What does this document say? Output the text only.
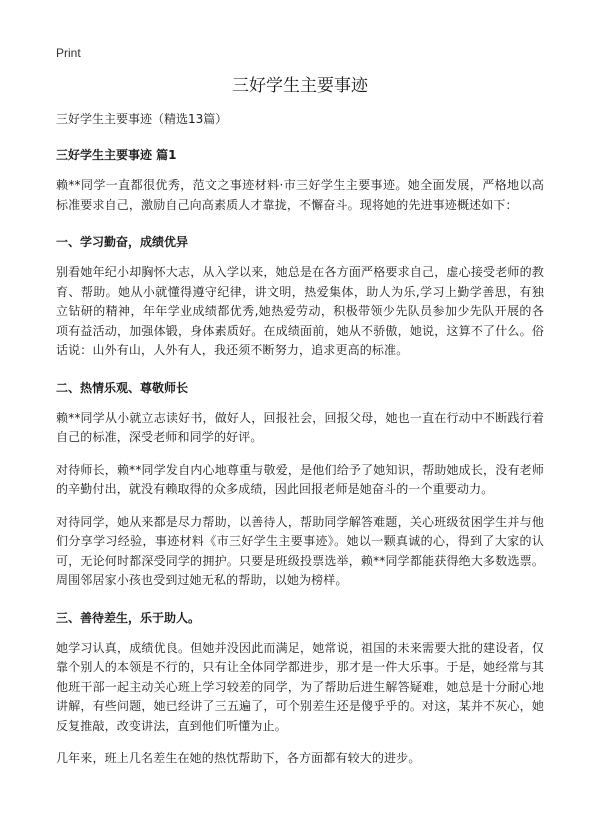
Print
三好学生主要事迹

三好学生主要事迹（精选13篇）

三好学生主要事迹 篇1

赖**同学一直都很优秀，范文之事迹材料·市三好学生主要事迹。她全面发展，严格地以高标准要求自己，激励自己向高素质人才靠拢，不懈奋斗。现将她的先进事迹概述如下：

一、学习勤奋，成绩优异

别看她年纪小却胸怀大志，从入学以来，她总是在各方面严格要求自己，虚心接受老师的教育、帮助。她从小就懂得遵守纪律，讲文明，热爱集体，助人为乐,学习上勤学善思，有独立钻研的精神，年年学业成绩都优秀,她热爱劳动，积极带领少先队员参加少先队开展的各项有益活动，加强体锻，身体素质好。在成绩面前，她从不骄傲，她说，这算不了什么。俗话说：山外有山，人外有人，我还须不断努力，追求更高的标准。

二、热情乐观、尊敬师长

赖**同学从小就立志读好书，做好人，回报社会，回报父母，她也一直在行动中不断践行着自己的标准，深受老师和同学的好评。

对待师长，赖**同学发自内心地尊重与敬爱，是他们给予了她知识，帮助她成长，没有老师的辛勤付出，就没有赖取得的众多成绩，因此回报老师是她奋斗的一个重要动力。

对待同学，她从来都是尽力帮助，以善待人，帮助同学解答难题，关心班级贫困学生并与他们分享学习经验，事迹材料《市三好学生主要事迹》。她以一颗真诚的心，得到了大家的认可，无论何时都深受同学的拥护。只要是班级投票选举，赖**同学都能获得绝大多数选票。周围邻居家小孩也受到过她无私的帮助，以她为榜样。

三、善待差生，乐于助人。

她学习认真，成绩优良。但她并没因此而满足，她常说，祖国的未来需要大批的建设者，仅靠个别人的本领是不行的，只有让全体同学都进步，那才是一件大乐事。于是，她经常与其他班干部一起主动关心班上学习较差的同学，为了帮助后进生解答疑难，她总是十分耐心地讲解，有些问题，她已经讲了三五遍了，可个别差生还是傻乎乎的。对这，某并不灰心，她反复推敲，改变讲法，直到他们听懂为止。

几年来，班上几名差生在她的热忱帮助下，各方面都有较大的进步。
